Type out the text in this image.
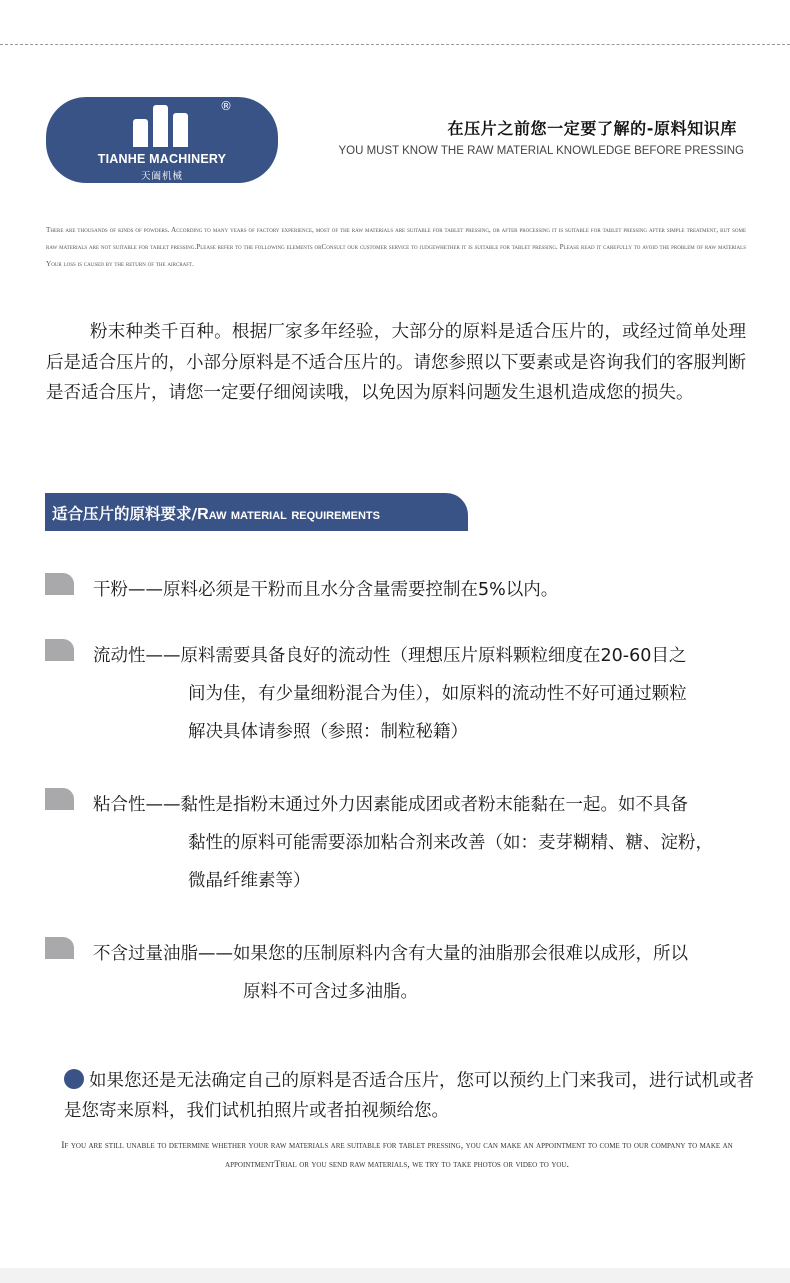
®
TIANHE MACHINERY
天阖机械
在压片之前您一定要了解的-原料知识库
YOU MUST KNOW THE RAW MATERIAL KNOWLEDGE BEFORE PRESSING
There are thousands of kinds of powders. According to many years of factory experience, most of the raw materials are suitable for tablet pressing, or after processing it is suitable for tablet pressing after simple treatment, but some raw materials are not suitable for tablet pressing.Please refer to the following elements orConsult our customer service to judgewhether it is suitable for tablet pressing. Please read it carefully to avoid the problem of raw materials Your loss is caused by the return of the aircraft.
粉末种类千百种。根据厂家多年经验，大部分的原料是适合压片的，或经过简单处理后是适合压片的，小部分原料是不适合压片的。请您参照以下要素或是咨询我们的客服判断是否适合压片，请您一定要仔细阅读哦，以免因为原料问题发生退机造成您的损失。
适合压片的原料要求/Raw material requirements
干粉——原料必须是干粉而且水分含量需要控制在5%以内。
流动性——原料需要具备良好的流动性（理想压片原料颗粒细度在20-60目之
间为佳，有少量细粉混合为佳），如原料的流动性不好可通过颗粒
解决具体请参照（参照：制粒秘籍）
粘合性——黏性是指粉末通过外力因素能成团或者粉末能黏在一起。如不具备
黏性的原料可能需要添加粘合剂来改善（如：麦芽糊精、糖、淀粉，
微晶纤维素等）
不含过量油脂——如果您的压制原料内含有大量的油脂那会很难以成形，所以
原料不可含过多油脂。
如果您还是无法确定自己的原料是否适合压片，您可以预约上门来我司，进行试机或者是您寄来原料，我们试机拍照片或者拍视频给您。
If you are still unable to determine whether your raw materials are suitable for tablet pressing, you can make an appointment to come to our company to make an appointmentTrial or you send raw materials, we try to take photos or video to you.
